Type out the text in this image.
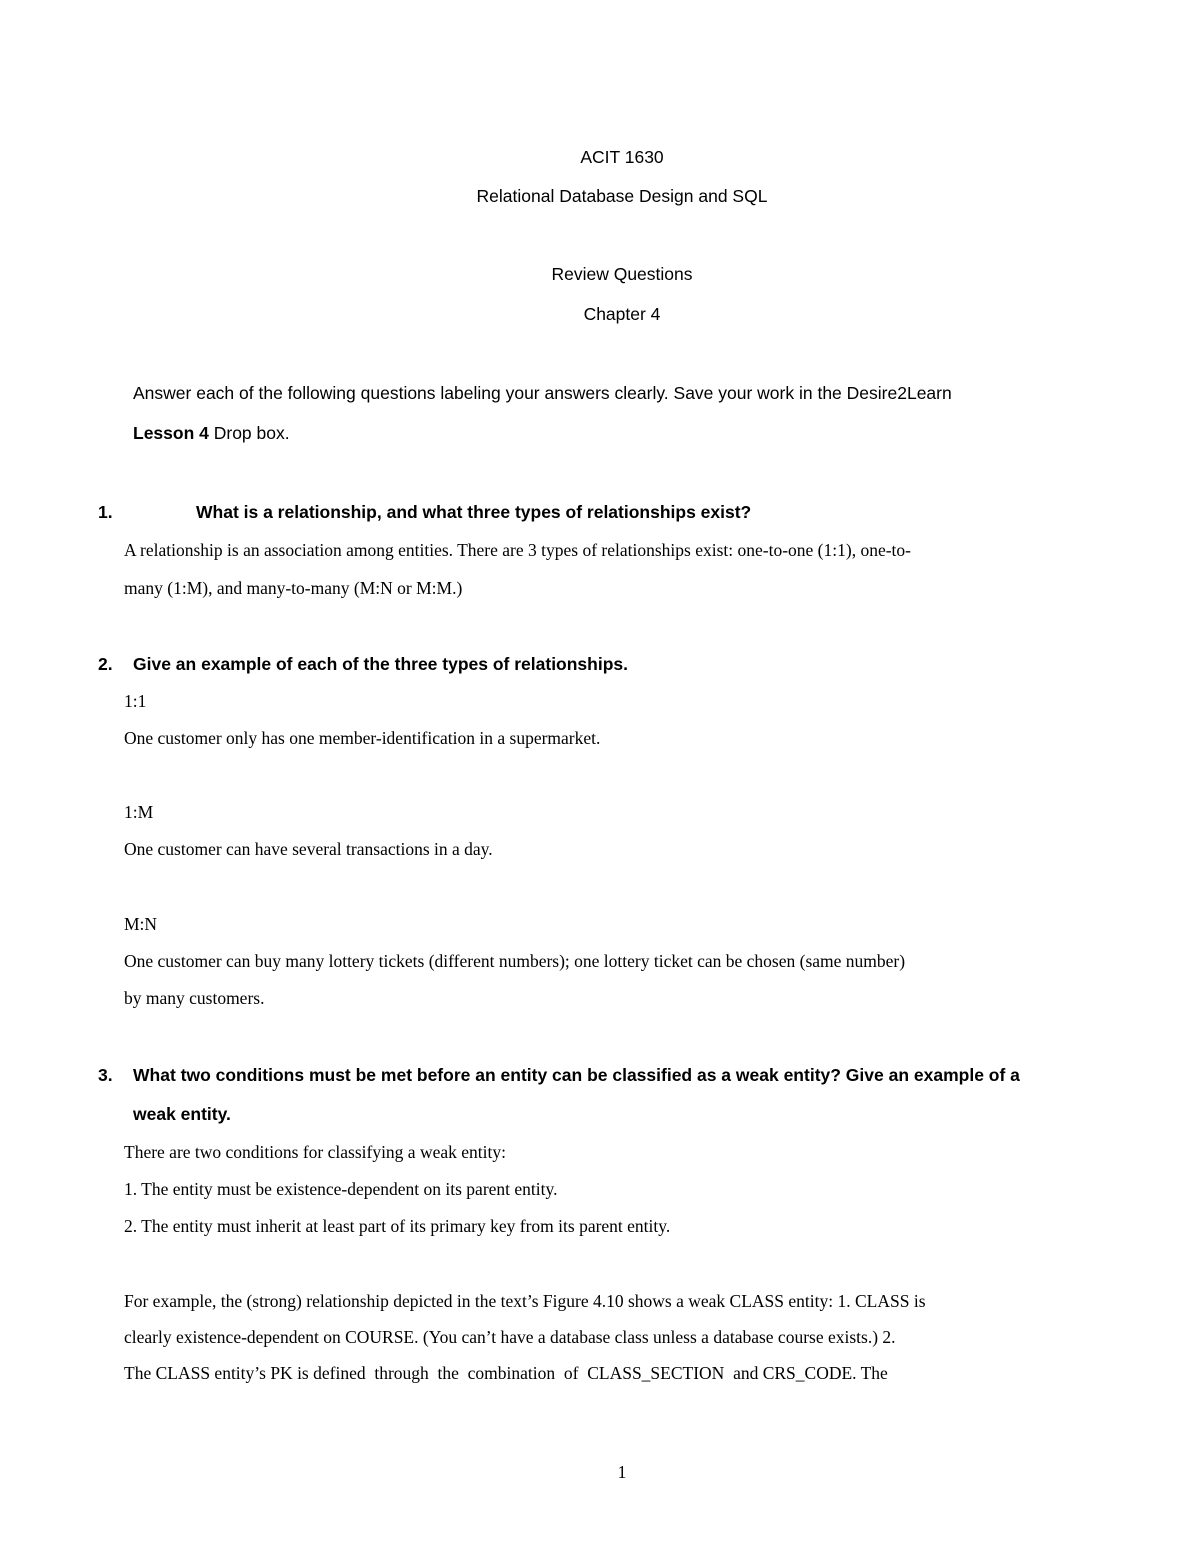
ACIT 1630
Relational Database Design and SQL
Review Questions
Chapter 4
Answer each of the following questions labeling your answers clearly. Save your work in the Desire2Learn
Lesson 4 Drop box.
1.	What is a relationship, and what three types of relationships exist?
A relationship is an association among entities. There are 3 types of relationships exist: one-to-one (1:1), one-to-
many (1:M), and many-to-many (M:N or M:M.)
2. Give an example of each of the three types of relationships.
1:1
One customer only has one member-identification in a supermarket.
1:M
One customer can have several transactions in a day.
M:N
One customer can buy many lottery tickets (different numbers); one lottery ticket can be chosen (same number)
by many customers.
3. What two conditions must be met before an entity can be classified as a weak entity? Give an example of a
weak entity.
There are two conditions for classifying a weak entity:
1. The entity must be existence-dependent on its parent entity.
2. The entity must inherit at least part of its primary key from its parent entity.
For example, the (strong) relationship depicted in the text’s Figure 4.10 shows a weak CLASS entity: 1. CLASS is
clearly existence-dependent on COURSE. (You can’t have a database class unless a database course exists.) 2.
The CLASS entity’s PK is defined  through  the  combination  of  CLASS_SECTION  and CRS_CODE. The
1
